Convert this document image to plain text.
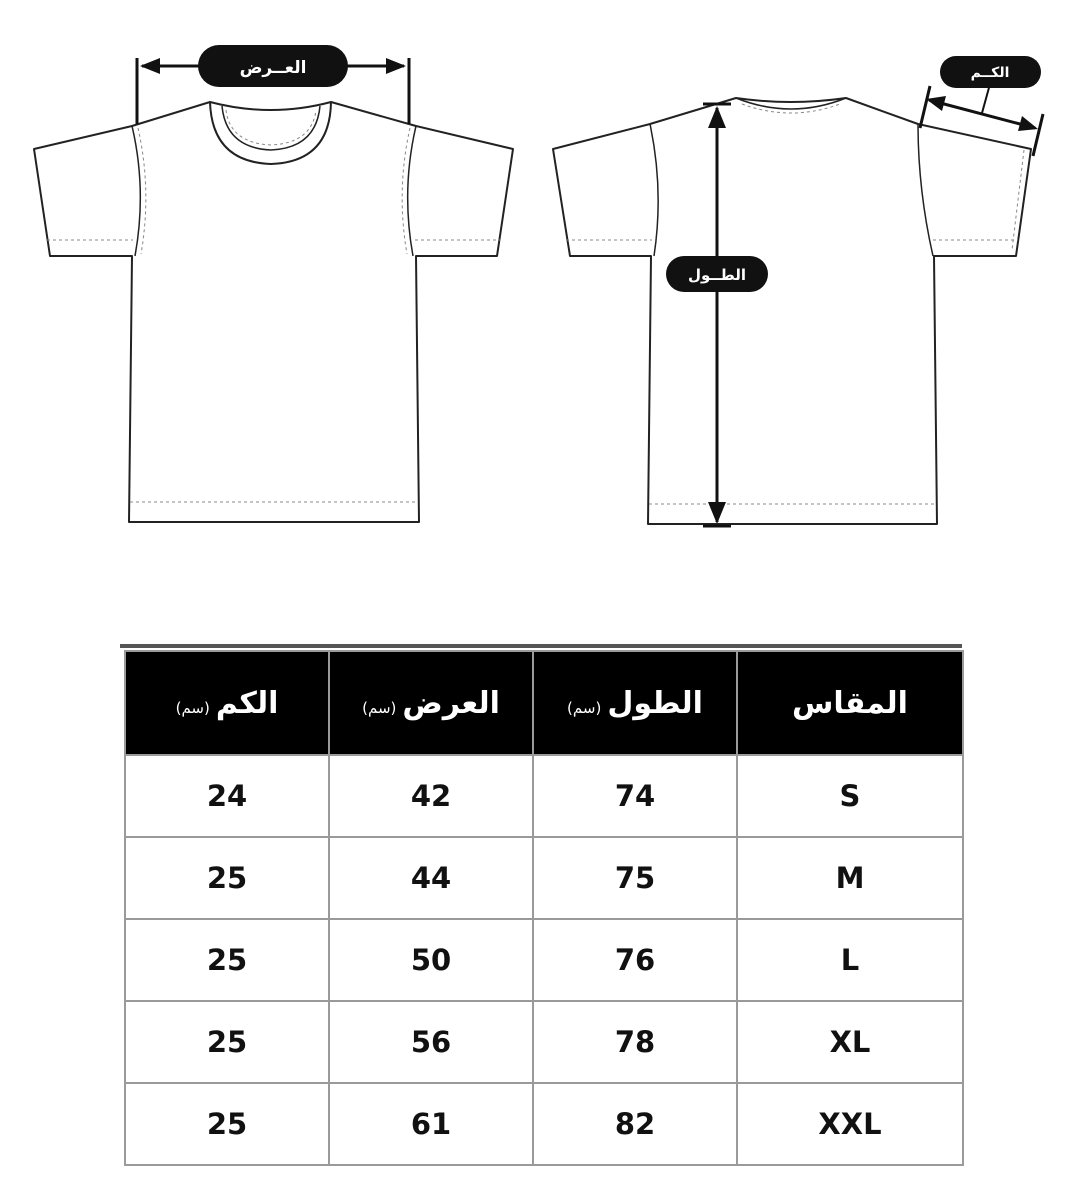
العــرض
الطــول
الكــم
المقاس	الطول(سم)	العرض(سم)	الكم(سم)
S	74	42	24
M	75	44	25
L	76	50	25
XL	78	56	25
XXL	82	61	25
